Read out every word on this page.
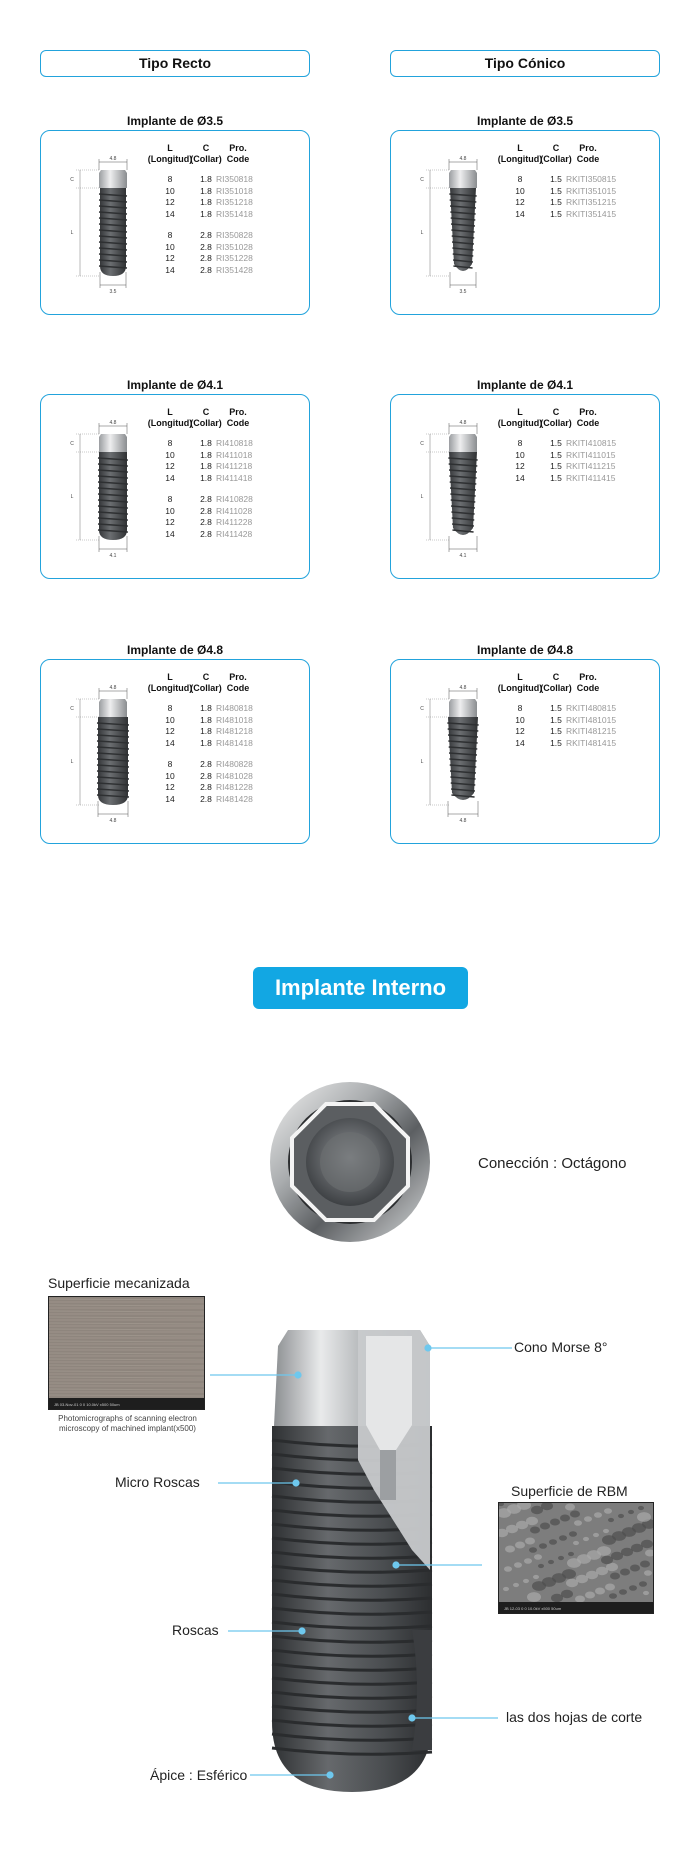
Tipo Recto	Tipo Cónico
Implante de Ø3.5	Implante de Ø3.5
Implante de Ø4.1	Implante de Ø4.1
Implante de Ø4.8	Implante de Ø4.8
4.8
3.5
C
L
L
(Longitud)
C
(Collar)
Pro.
Code
8	1.8 RI350818
10	1.8 RI351018
12	1.8 RI351218
14	1.8 RI351418
8	2.8 RI350828
10	2.8 RI351028
12	2.8 RI351228
14	2.8 RI351428
4.8
3.5
C
L
L
(Longitud)
C
(Collar)
Pro.
Code
8	1.5 RKITI350815
10	1.5 RKITI351015
12	1.5 RKITI351215
14	1.5 RKITI351415
4.8
4.1
C
L
L
(Longitud)
C
(Collar)
Pro.
Code
8	1.8 RI410818
10	1.8 RI411018
12	1.8 RI411218
14	1.8 RI411418
8	2.8 RI410828
10	2.8 RI411028
12	2.8 RI411228
14	2.8 RI411428
4.8
4.1
C
L
L
(Longitud)
C
(Collar)
Pro.
Code
8	1.5 RKITI410815
10	1.5 RKITI411015
12	1.5 RKITI411215
14	1.5 RKITI411415
4.8
4.8
C
L
L
(Longitud)
C
(Collar)
Pro.
Code
8	1.8 RI480818
10	1.8 RI481018
12	1.8 RI481218
14	1.8 RI481418
8	2.8 RI480828
10	2.8 RI481028
12	2.8 RI481228
14	2.8 RI481428
4.8
4.8
C
L
L
(Longitud)
C
(Collar)
Pro.
Code
8	1.5 RKITI480815
10	1.5 RKITI481015
12	1.5 RKITI481215
14	1.5 RKITI481415
Implante Interno
Conección : Octágono
Superficie mecanizada
JB 03-Nov-01 0 0 10.0kV x500 50um
Photomicrographs of scanning electron
microscopy of machined implant(x500)
Cono Morse 8°
Micro Roscas
Superficie de RBM
JB 12-03 0 0 10.0kV x500 50um
Roscas
las dos hojas de corte
Ápice : Esférico
